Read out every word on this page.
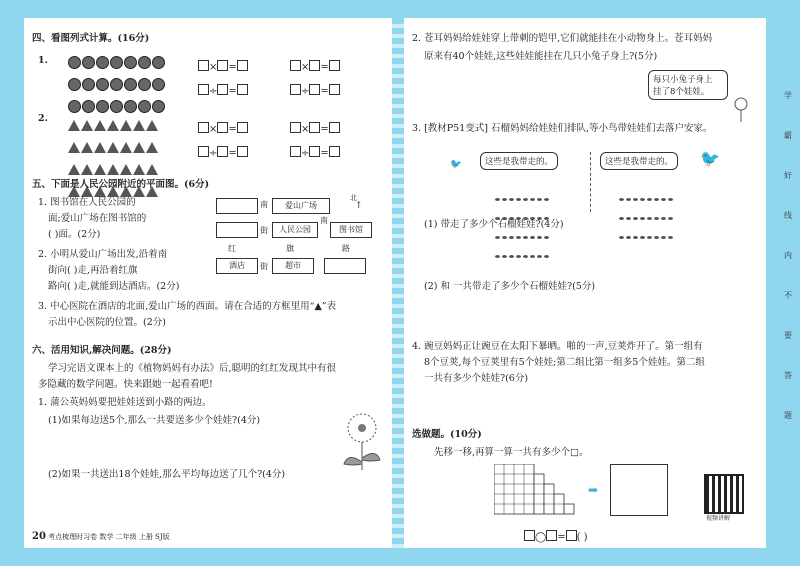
四、看图列式计算。(16分)
1.
× =	× =
÷ =	÷ =
2.
× =	× =
÷ =	÷ =
五、下面是人民公园附近的平面图。(6分)
1. 图书馆在人民公园的
面;爱山广场在图书馆的
( )面。(2分)
2. 小明从爱山广场出发,沿着南
街向( )走,再沿着红旗
路向( )走,就能到达酒店。(2分)
南	爱山广场
北
↑
街	人民公园
南
图书馆
红	旗	路
酒店	街	超市
3. 中心医院在酒店的北面,爱山广场的西面。请在合适的方框里用“▲”表
示出中心医院的位置。(2分)
六、活用知识,解决问题。(28分)
学习完语文课本上的《植物妈妈有办法》后,聪明的红红发现其中有很
多隐藏的数学问题。快来跟她一起看看吧!
1. 蒲公英妈妈要把娃娃送到小路的两边。
(1)如果每边送5个,那么一共要送多少个娃娃?(4分)
(2)如果一共送出18个娃娃,那么平均每边送了几个?(4分)
20 考点梳理时习卷 数学 二年级 上册 SJ版
2. 苍耳妈妈给娃娃穿上带刺的铠甲,它们就能挂在小动物身上。苍耳妈妈
原来有40个娃娃,这些娃娃能挂在几只小兔子身上?(5分)
每只小兔子身上
挂了8个娃娃。
3. [教材P51变式] 石榴妈妈给娃娃们排队,等小鸟带娃娃们去落户安家。
🐦	这些是我带走的。	这些是我带走的。	🐦
(1) 带走了多少个石榴娃娃?(4分)
(2) 和 一共带走了多少个石榴娃娃?(5分)
4. 豌豆妈妈正让豌豆在太阳下暴晒。啪的一声,豆荚炸开了。第一组有
8个豆荚,每个豆荚里有5个娃娃;第二组比第一组多5个娃娃。第二组
一共有多少个娃娃?(6分)
选做题。(10分)
先移一移,再算一算一共有多少个□。
➡
◯ = ( )
视频讲解
学
霸
好
线
内
不
要
答
题
